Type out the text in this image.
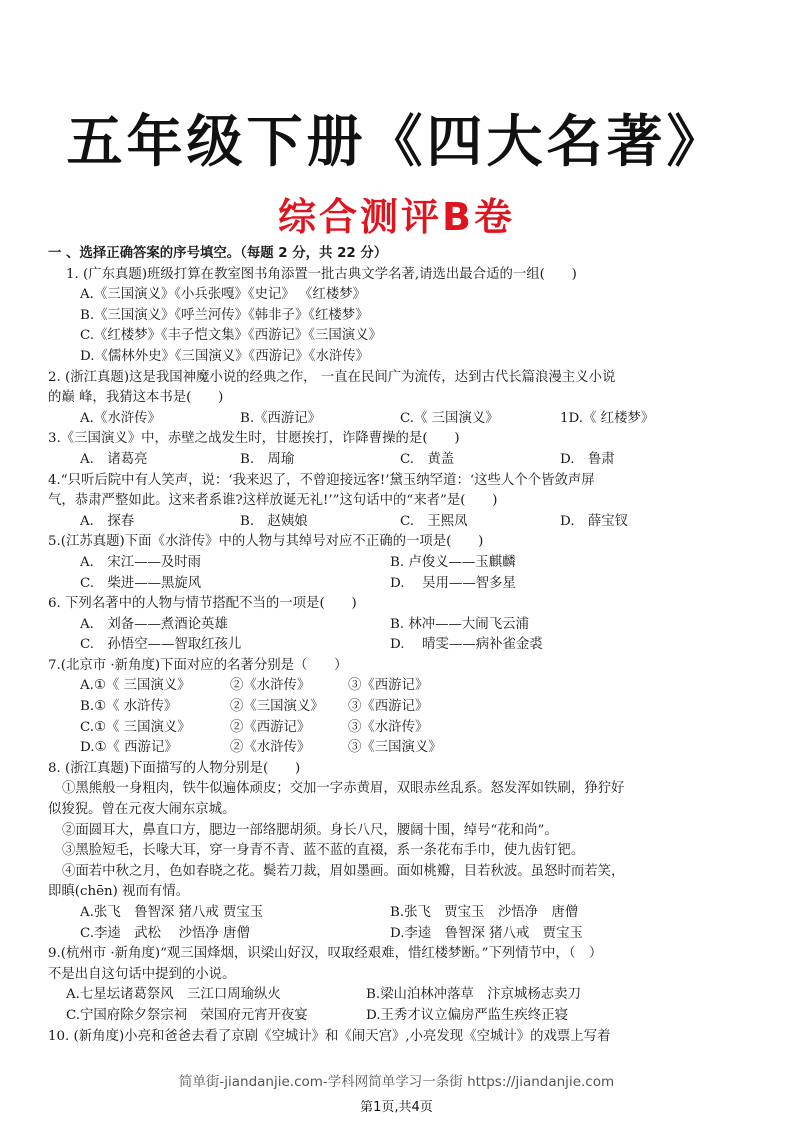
五年级下册《四大名著》
综合测评B卷
一 、选择正确答案的序号填空。（每题 2 分，共 22 分）
1. (广东真题)班级打算在教室图书角添置一批古典文学名著,请选出最合适的一组(　　)
A.《三国演义》《小兵张嘎》《史记》 《红楼梦》
B.《三国演义》《呼兰河传》《韩非子》《红楼梦》
C.《红楼梦》《丰子恺文集》《西游记》《三国演义》
D.《儒林外史》《三国演义》《西游记》《水浒传》
2. (浙江真题)这是我国神魔小说的经典之作， 一直在民间广为流传，达到古代长篇浪漫主义小说
的巅 峰，我猜这本书是(　　)
A.《水浒传》	B.《西游记》	C.《 三国演义》	1D.《 红楼梦》
3.《三国演义》中，赤壁之战发生时，甘愿挨打，诈降曹操的是(　　)
A.　诸葛亮	B.　周瑜	C.　黄盖	D.　鲁肃
4.“只听后院中有人笑声，说：‘我来迟了，不曾迎接远客!’黛玉纳罕道：‘这些人个个皆敛声屏
气，恭肃严整如此。这来者系谁?这样放诞无礼!’”这句话中的“来者”是(　　)
A.　探春	B.　赵姨娘	C.　王熙凤	D.　薛宝钗
5.(江苏真题)下面《水浒传》中的人物与其绰号对应不正确的一项是(　　)
A.　宋江——及时雨	B. 卢俊义——玉麒麟
C.　柴进——黑旋风	D.　 吴用——智多星
6. 下列名著中的人物与情节搭配不当的一项是(　　)
A.　刘备——煮酒论英雄	B. 林冲——大闹飞云浦
C.　孙悟空——智取红孩儿	D.　 晴雯——病补雀金裘
7.(北京市 ·新角度)下面对应的名著分别是（　　）
A.①《 三国演义》	②《水浒传》	③《西游记》
B.①《 水浒传》	②《三国演义》	③《西游记》
C.①《 三国演义》	②《西游记》	③《水浒传》
D.①《 西游记》	②《水浒传》	③《三国演义》
8. (浙江真题)下面描写的人物分别是(　　)
①黑熊般一身粗肉，铁牛似遍体顽皮；交加一字赤黄眉，双眼赤丝乱系。怒发浑如铁刷，狰狞好
似狻猊。曾在元夜大闹东京城。
②面圆耳大，鼻直口方，腮边一部络腮胡须。身长八尺，腰阔十围，绰号“花和尚”。
③黑脸短毛，长喙大耳，穿一身青不青、蓝不蓝的直裰，系一条花布手巾，使九齿钉钯。
④面若中秋之月，色如春晓之花。鬓若刀裁，眉如墨画。面如桃瓣，目若秋波。虽怒时而若笑，
即瞋(chēn) 视而有情。
A.张飞　鲁智深 猪八戒 贾宝玉	B.张飞　贾宝玉　沙悟净　唐僧
C.李逵　武松　 沙悟净 唐僧	D.李逵　鲁智深 猪八戒　贾宝玉
9.(杭州市 ·新角度)“观三国烽烟，识梁山好汉，叹取经艰难，惜红楼梦断。”下列情节中，（　）
不是出自这句话中提到的小说。
A.七星坛诸葛祭风　三江口周瑜纵火	B.梁山泊林冲落草　汴京城杨志卖刀
C.宁国府除夕祭宗祠　荣国府元宵开夜宴	D.王秀才议立偏房严监生疾终正寝
10. (新角度)小亮和爸爸去看了京剧《空城计》和《闹天宫》,小亮发现《空城计》的戏票上写着
简单街-jiandanjie.com-学科网简单学习一条街 https://jiandanjie.com
第1页,共4页
